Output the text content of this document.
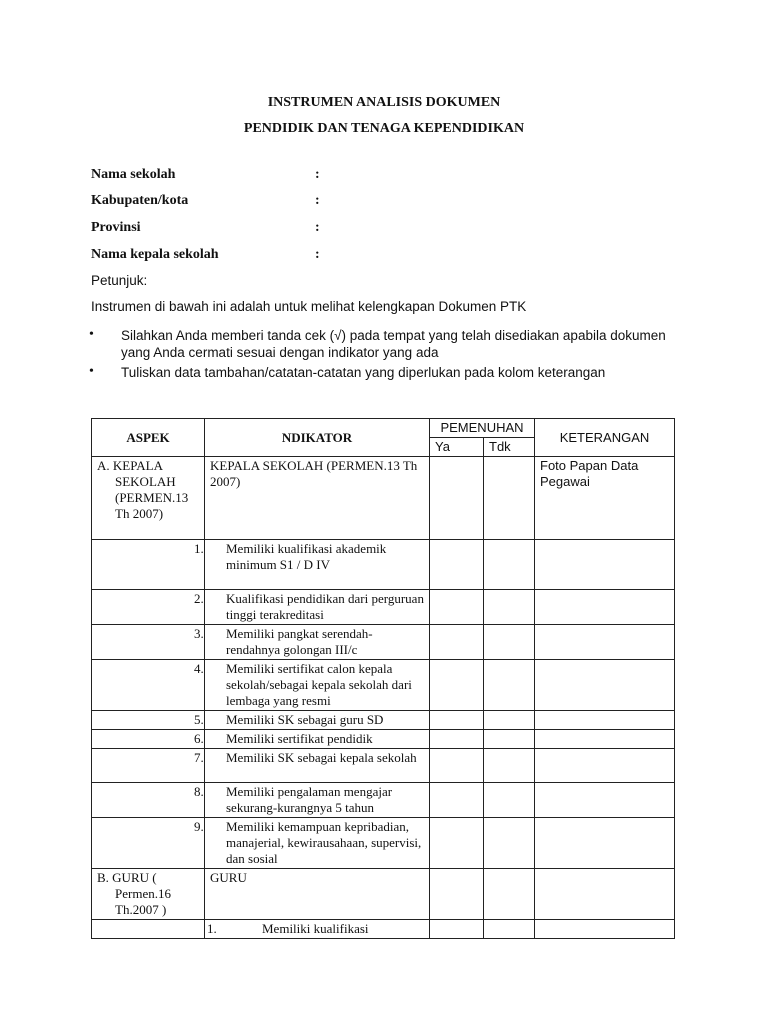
INSTRUMEN ANALISIS DOKUMEN
PENDIDIK DAN TENAGA KEPENDIDIKAN
Nama sekolah	:
Kabupaten/kota	:
Provinsi	:
Nama kepala sekolah	:
Petunjuk:
Instrumen di bawah ini adalah untuk melihat kelengkapan Dokumen PTK
• Silahkan Anda memberi tanda cek (√) pada tempat yang telah disediakan apabila dokumen yang Anda cermati sesuai dengan indikator yang ada
• Tuliskan data tambahan/catatan-catatan yang diperlukan pada kolom keterangan
ASPEK	NDIKATOR	PEMENUHAN		KETERANGAN
		Ya	Tdk	

A. KEPALA SEKOLAH (PERMEN.13 Th 2007)	KEPALA SEKOLAH (PERMEN.13 Th 2007)			Foto Papan Data Pegawai

	1. Memiliki kualifikasi akademik minimum S1 / D IV			

	2. Kualifikasi pendidikan dari perguruan tinggi terakreditasi			

	3. Memiliki pangkat serendah-rendahnya golongan III/c			

	4. Memiliki sertifikat calon kepala sekolah/sebagai kepala sekolah dari lembaga yang resmi			

	5. Memiliki SK sebagai guru SD			

	6. Memiliki sertifikat pendidik			

	7. Memiliki SK sebagai kepala sekolah			

	8. Memiliki pengalaman mengajar sekurang-kurangnya 5 tahun			

	9. Memiliki kemampuan kepribadian, manajerial, kewirausahaan, supervisi, dan sosial			

B. GURU ( Permen.16 Th.2007 )	GURU			
	1. Memiliki kualifikasi			
